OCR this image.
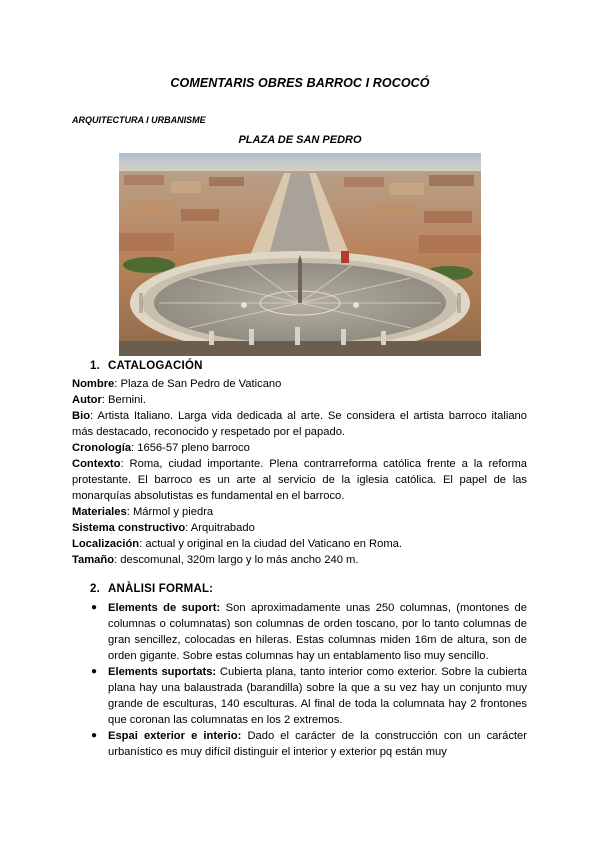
COMENTARIS OBRES BARROC I ROCOCÓ
ARQUITECTURA I URBANISME
PLAZA DE SAN PEDRO
1. CATALOGACIÓN
Nombre: Plaza de San Pedro de Vaticano
Autor: Bernini.
Bio: Artista Italiano. Larga vida dedicada al arte. Se considera el artista barroco italiano más destacado, reconocido y respetado por el papado.
Cronología: 1656-57 pleno barroco
Contexto: Roma, ciudad importante. Plena contrarreforma católica frente a la reforma protestante. El barroco es un arte al servicio de la iglesia católica. El papel de las monarquías absolutistas es fundamental en el barroco.
Materiales: Mármol y piedra
Sistema constructivo: Arquitrabado
Localización: actual y original en la ciudad del Vaticano en Roma.
Tamaño: descomunal, 320m largo y lo más ancho 240 m.
2. ANÀLISI FORMAL:
● Elements de suport: Son aproximadamente unas 250 columnas, (montones de columnas o columnatas) son columnas de orden toscano, por lo tanto columnas de gran sencillez, colocadas en hileras. Estas columnas miden 16m de altura, son de orden gigante. Sobre estas columnas hay un entablamento liso muy sencillo.
● Elements suportats: Cubierta plana, tanto interior como exterior. Sobre la cubierta plana hay una balaustrada (barandilla) sobre la que a su vez hay un conjunto muy grande de esculturas, 140 esculturas. Al final de toda la columnata hay 2 frontones que coronan las columnatas en los 2 extremos.
● Espai exterior e interio: Dado el carácter de la construcción con un carácter urbanístico es muy difícil distinguir el interior y exterior pq están muy
